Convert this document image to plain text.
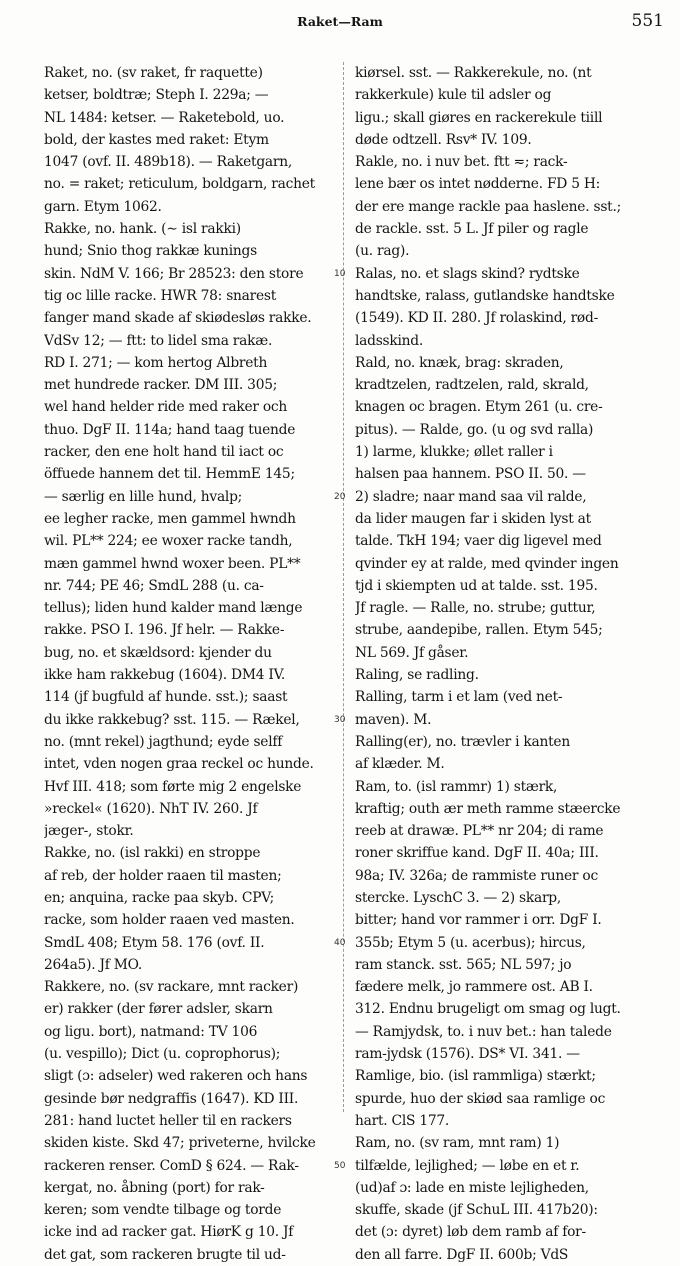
Raket—Ram	551
Raket, no. (sv raket, fr raquette)
ketser, boldtræ; Steph I. 229a; —
NL 1484: ketser. — Raketebold, uo.
bold, der kastes med raket: Etym
1047 (ovf. II. 489b18). — Raketgarn,
no. = raket; reticulum, boldgarn, rachet
garn. Etym 1062.
Rakke, no. hank. (∼ isl rakki)
hund; Snio thog rakkæ kunings
skin. NdM V. 166; Br 28523: den store
tig oc lille racke. HWR 78: snarest
fanger mand skade af skiødesløs rakke.
VdSv 12; — ftt: to lidel sma rakæ.
RD I. 271; — kom hertog Albreth
met hundrede racker. DM III. 305;
wel hand helder ride med raker och
thuo. DgF II. 114a; hand taag tuende
racker, den ene holt hand til iact oc
öffuede hannem det til. HemmE 145;
— særlig en lille hund, hvalp;
ee legher racke, men gammel hwndh
wil. PL** 224; ee woxer racke tandh,
mæn gammel hwnd woxer been. PL**
nr. 744; PE 46; SmdL 288 (u. ca-
tellus); liden hund kalder mand længe
rakke. PSO I. 196. Jf helr. — Rakke-
bug, no. et skældsord: kjender du
ikke ham rakkebug (1604). DM4 IV.
114 (jf bugfuld af hunde. sst.); saast
du ikke rakkebug? sst. 115. — Rækel,
no. (mnt rekel) jagthund; eyde selff
intet, vden nogen graa reckel oc hunde.
Hvf III. 418; som førte mig 2 engelske
»reckel« (1620). NhT IV. 260. Jf
jæger-, stokr.
Rakke, no. (isl rakki) en stroppe
af reb, der holder raaen til masten;
en; anquina, racke paa skyb. CPV;
racke, som holder raaen ved masten.
SmdL 408; Etym 58. 176 (ovf. II.
264a5). Jf MO.
Rakkere, no. (sv rackare, mnt racker)
er) rakker (der fører adsler, skarn
og ligu. bort), natmand: TV 106
(u. vespillo); Dict (u. coprophorus);
sligt (ɔ: adseler) wed rakeren och hans
gesinde bør nedgraffis (1647). KD III.
281: hand luctet heller til en rackers
skiden kiste. Skd 47; priveterne, hvilcke
rackeren renser. ComD § 624. — Rak-
kergat, no. åbning (port) for rak-
keren; som vendte tilbage og torde
icke ind ad racker gat. HiørK g 10. Jf
det gat, som rackeren brugte til ud-
10
20
30
40
50
kiørsel. sst. — Rakkerekule, no. (nt
rakkerkule) kule til adsler og
ligu.; skall giøres en rackerekule tiill
døde odtzell. Rsv* IV. 109.
Rakle, no. i nuv bet. ftt ≂; rack-
lene bær os intet nødderne. FD 5 H:
der ere mange rackle paa haslene. sst.;
de rackle. sst. 5 L. Jf piler og ragle
(u. rag).
Ralas, no. et slags skind? rydtske
handtske, ralass, gutlandske handtske
(1549). KD II. 280. Jf rolaskind, rød-
ladsskind.
Rald, no. knæk, brag: skraden,
kradtzelen, radtzelen, rald, skrald,
knagen oc bragen. Etym 261 (u. cre-
pitus). — Ralde, go. (u og svd ralla)
1) larme, klukke; øllet raller i
halsen paa hannem. PSO II. 50. —
2) sladre; naar mand saa vil ralde,
da lider maugen far i skiden lyst at
talde. TkH 194; vaer dig ligevel med
qvinder ey at ralde, med qvinder ingen
tjd i skiempten ud at talde. sst. 195.
Jf ragle. — Ralle, no. strube; guttur,
strube, aandepibe, rallen. Etym 545;
NL 569. Jf gåser.
Raling, se radling.
Ralling, tarm i et lam (ved net-
maven). M.
Ralling(er), no. trævler i kanten
af klæder. M.
Ram, to. (isl rammr) 1) stærk,
kraftig; outh ær meth ramme stæercke
reeb at drawæ. PL** nr 204; di rame
roner skriffue kand. DgF II. 40a; III.
98a; IV. 326a; de rammiste runer oc
stercke. LyschC 3. — 2) skarp,
bitter; hand vor rammer i orr. DgF I.
355b; Etym 5 (u. acerbus); hircus,
ram stanck. sst. 565; NL 597; jo
fædere melk, jo rammere ost. AB I.
312. Endnu brugeligt om smag og lugt.
— Ramjydsk, to. i nuv bet.: han talede
ram-jydsk (1576). DS* VI. 341. —
Ramlige, bio. (isl rammliga) stærkt;
spurde, huo der skiød saa ramlige oc
hart. ClS 177.
Ram, no. (sv ram, mnt ram) 1)
tilfælde, lejlighed; — løbe en et r.
(ud)af ɔ: lade en miste lejligheden,
skuffe, skade (jf SchuL III. 417b20):
det (ɔ: dyret) løb dem ramb af for-
den all farre. DgF II. 600b; VdS
